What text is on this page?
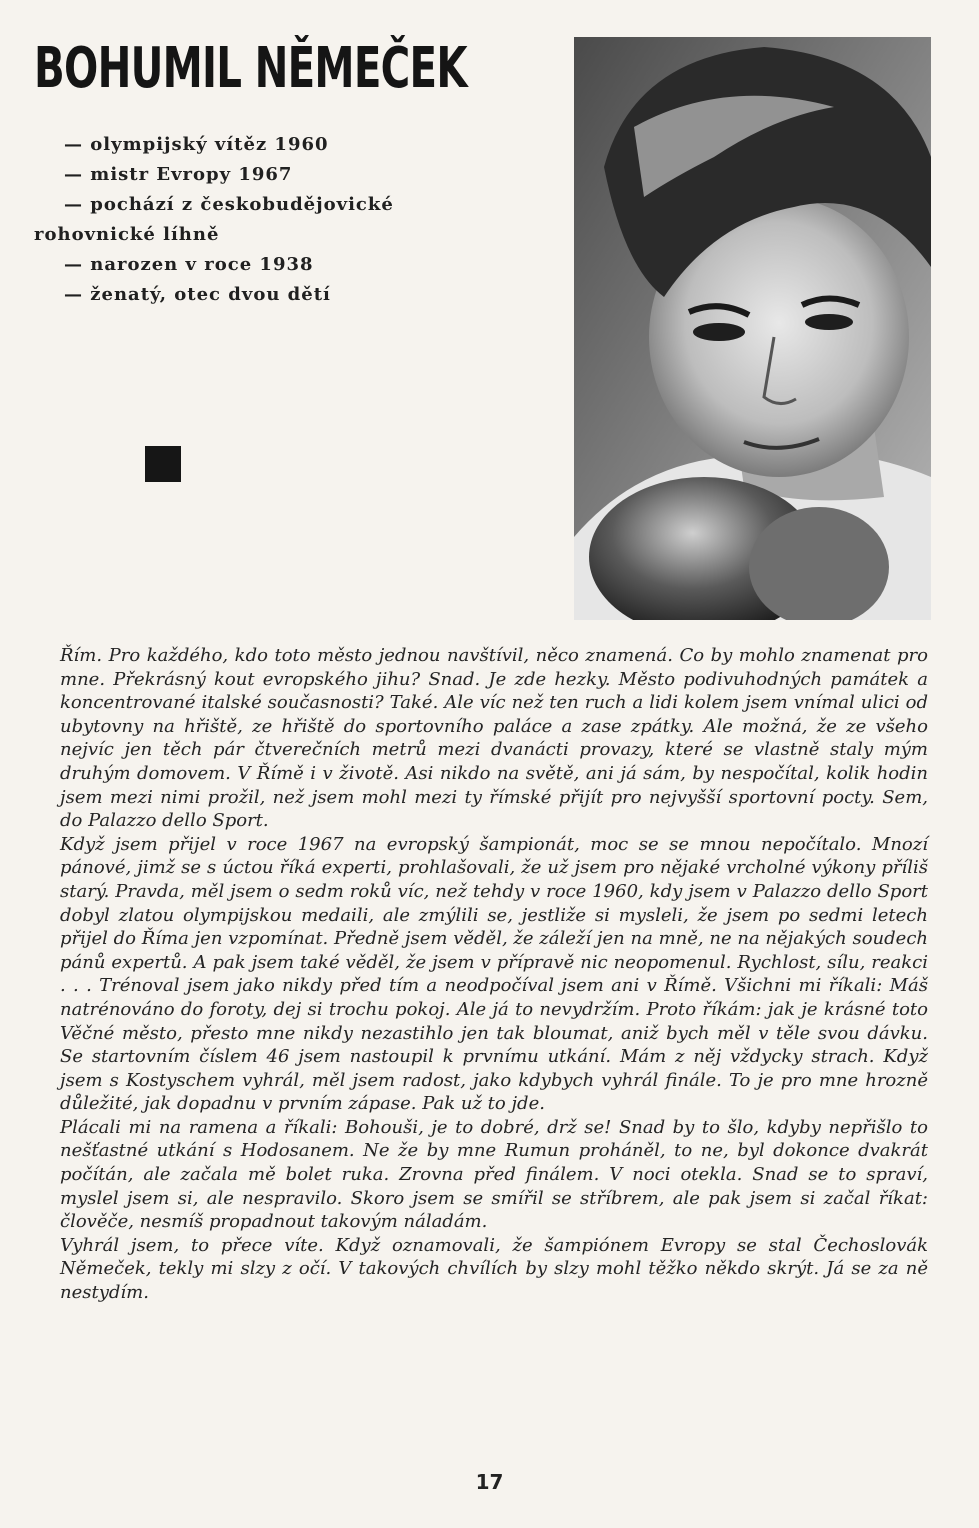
BOHUMIL NĚMEČEK
— olympijský vítěz 1960
— mistr Evropy 1967
— pochází z českobudějovické
rohovnické líhně
— narozen v roce 1938
— ženatý, otec dvou dětí

Řím. Pro každého, kdo toto město jednou navštívil, něco znamená. Co by mohlo znamenat pro mne. Překrásný kout evropského jihu? Snad. Je zde hezky. Město podivuhodných památek a koncentrované italské současnosti? Také. Ale víc než ten ruch a lidi kolem jsem vnímal ulici od ubytovny na hřiště, ze hřiště do sportovního paláce a zase zpátky. Ale možná, že ze všeho nejvíc jen těch pár čtverečních metrů mezi dvanácti provazy, které se vlastně staly mým druhým domovem. V Římě i v životě. Asi nikdo na světě, ani já sám, by nespočítal, kolik hodin jsem mezi nimi prožil, než jsem mohl mezi ty římské přijít pro nejvyšší sportovní pocty. Sem, do Palazzo dello Sport.

Když jsem přijel v roce 1967 na evropský šampionát, moc se se mnou nepočítalo. Mnozí pánové, jimž se s úctou říká experti, prohlašovali, že už jsem pro nějaké vrcholné výkony příliš starý. Pravda, měl jsem o sedm roků víc, než tehdy v roce 1960, kdy jsem v Palazzo dello Sport dobyl zlatou olympijskou medaili, ale zmýlili se, jestliže si mysleli, že jsem po sedmi letech přijel do Říma jen vzpomínat. Předně jsem věděl, že záleží jen na mně, ne na nějakých soudech pánů expertů. A pak jsem také věděl, že jsem v přípravě nic neopomenul. Rychlost, sílu, reakci . . . Trénoval jsem jako nikdy před tím a neodpočíval jsem ani v Římě. Všichni mi říkali: Máš natrénováno do foroty, dej si trochu pokoj. Ale já to nevydržím. Proto říkám: jak je krásné toto Věčné město, přesto mne nikdy nezastihlo jen tak bloumat, aniž bych měl v těle svou dávku. Se startovním číslem 46 jsem nastoupil k prvnímu utkání. Mám z něj vždycky strach. Když jsem s Kostyschem vyhrál, měl jsem radost, jako kdybych vyhrál finále. To je pro mne hrozně důležité, jak dopadnu v prvním zápase. Pak už to jde.

Plácali mi na ramena a říkali: Bohouši, je to dobré, drž se! Snad by to šlo, kdyby nepřišlo to nešťastné utkání s Hodosanem. Ne že by mne Rumun proháněl, to ne, byl dokonce dvakrát počítán, ale začala mě bolet ruka. Zrovna před finálem. V noci otekla. Snad se to spraví, myslel jsem si, ale nespravilo. Skoro jsem se smířil se stříbrem, ale pak jsem si začal říkat: člověče, nesmíš propadnout takovým náladám.

Vyhrál jsem, to přece víte. Když oznamovali, že šampiónem Evropy se stal Čechoslovák Němeček, tekly mi slzy z očí. V takových chvílích by slzy mohl těžko někdo skrýt. Já se za ně nestydím.

17
